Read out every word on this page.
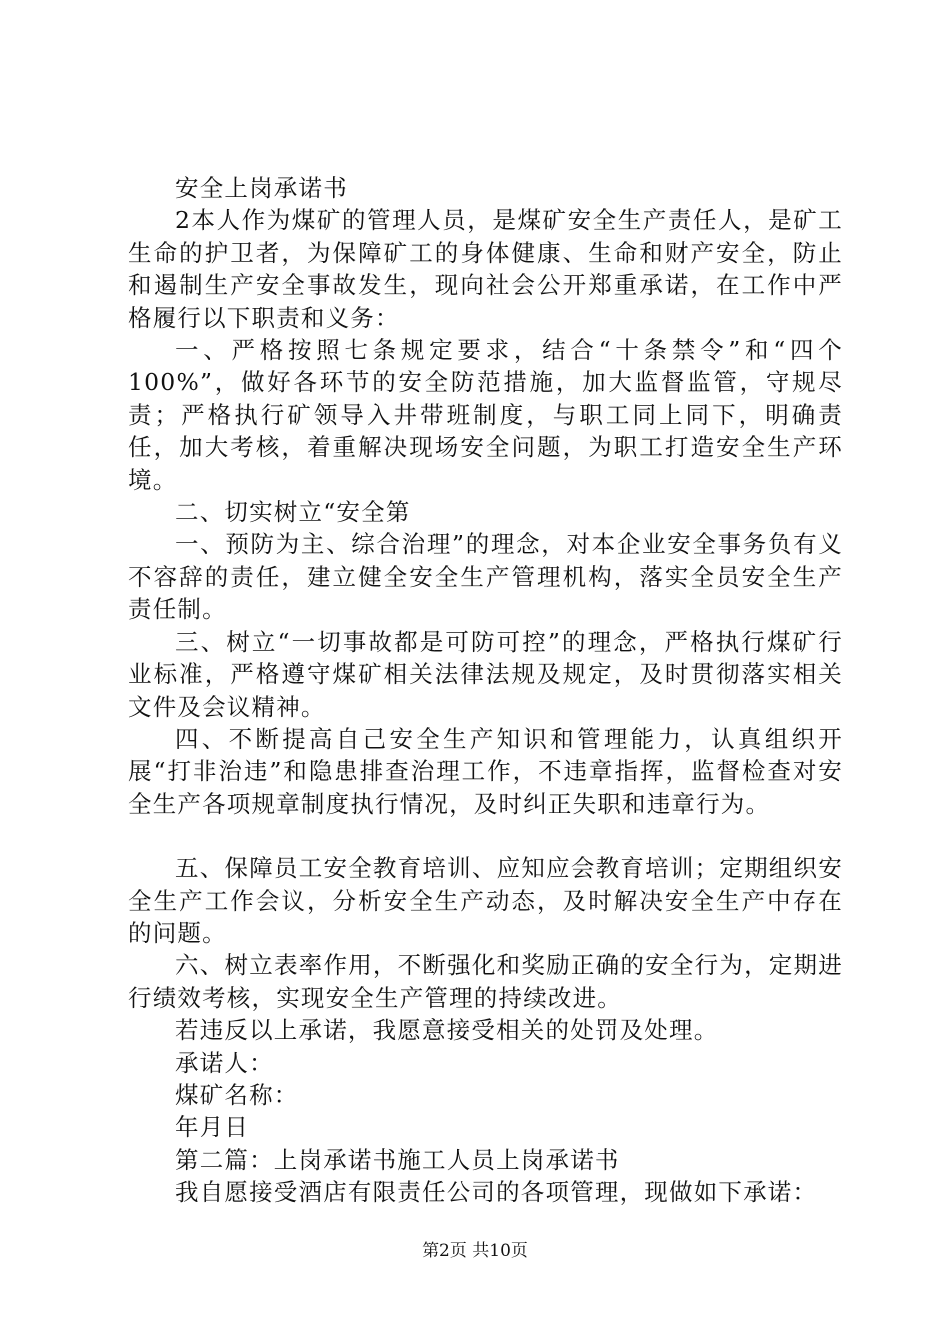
安全上岗承诺书

2本人作为煤矿的管理人员，是煤矿安全生产责任人，是矿工生命的护卫者，为保障矿工的身体健康、生命和财产安全，防止和遏制生产安全事故发生，现向社会公开郑重承诺，在工作中严格履行以下职责和义务：

一、严格按照七条规定要求，结合“十条禁令”和“四个100%”，做好各环节的安全防范措施，加大监督监管，守规尽责；严格执行矿领导入井带班制度，与职工同上同下，明确责任，加大考核，着重解决现场安全问题，为职工打造安全生产环境。

二、切实树立“安全第

一、预防为主、综合治理”的理念，对本企业安全事务负有义不容辞的责任，建立健全安全生产管理机构，落实全员安全生产责任制。

三、树立“一切事故都是可防可控”的理念，严格执行煤矿行业标准，严格遵守煤矿相关法律法规及规定，及时贯彻落实相关文件及会议精神。

四、不断提高自己安全生产知识和管理能力，认真组织开展“打非治违”和隐患排查治理工作，不违章指挥，监督检查对安全生产各项规章制度执行情况，及时纠正失职和违章行为。

五、保障员工安全教育培训、应知应会教育培训；定期组织安全生产工作会议，分析安全生产动态，及时解决安全生产中存在的问题。

六、树立表率作用，不断强化和奖励正确的安全行为，定期进行绩效考核，实现安全生产管理的持续改进。

若违反以上承诺，我愿意接受相关的处罚及处理。

承诺人：

煤矿名称：

年月日

第二篇：上岗承诺书施工人员上岗承诺书

我自愿接受酒店有限责任公司的各项管理，现做如下承诺：

第2页 共10页
